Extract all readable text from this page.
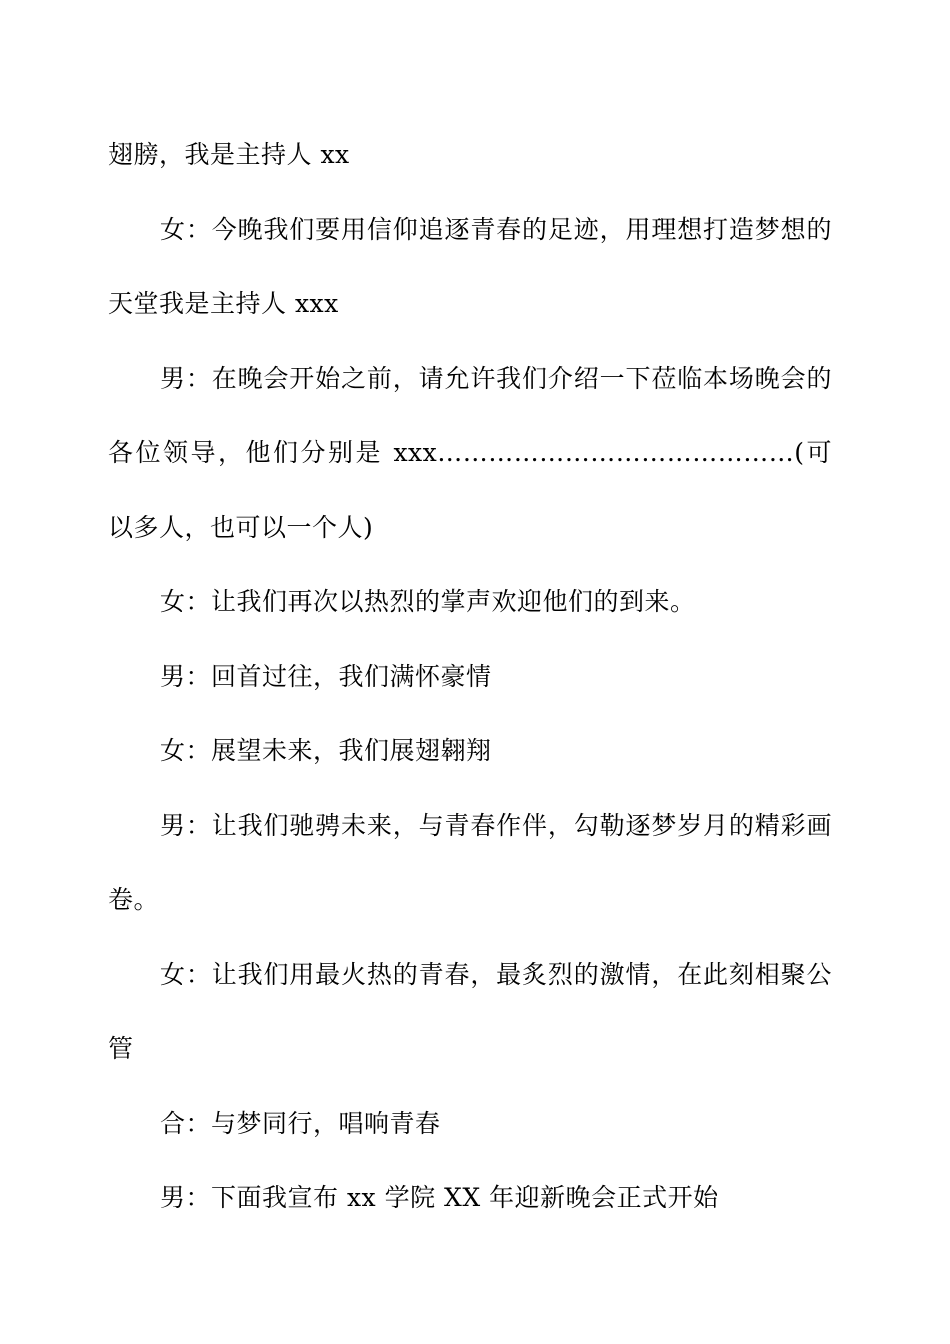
翅膀，我是主持人 xx

女：今晚我们要用信仰追逐青春的足迹，用理想打造梦想的天堂我是主持人 xxx

男：在晚会开始之前，请允许我们介绍一下莅临本场晚会的各位领导，他们分别是 xxx……………………………………(可以多人，也可以一个人)

女：让我们再次以热烈的掌声欢迎他们的到来。

男：回首过往，我们满怀豪情

女：展望未来，我们展翅翱翔

男：让我们驰骋未来，与青春作伴，勾勒逐梦岁月的精彩画卷。

女：让我们用最火热的青春，最炙烈的激情，在此刻相聚公管

合：与梦同行，唱响青春

男：下面我宣布 xx 学院 XX 年迎新晚会正式开始
